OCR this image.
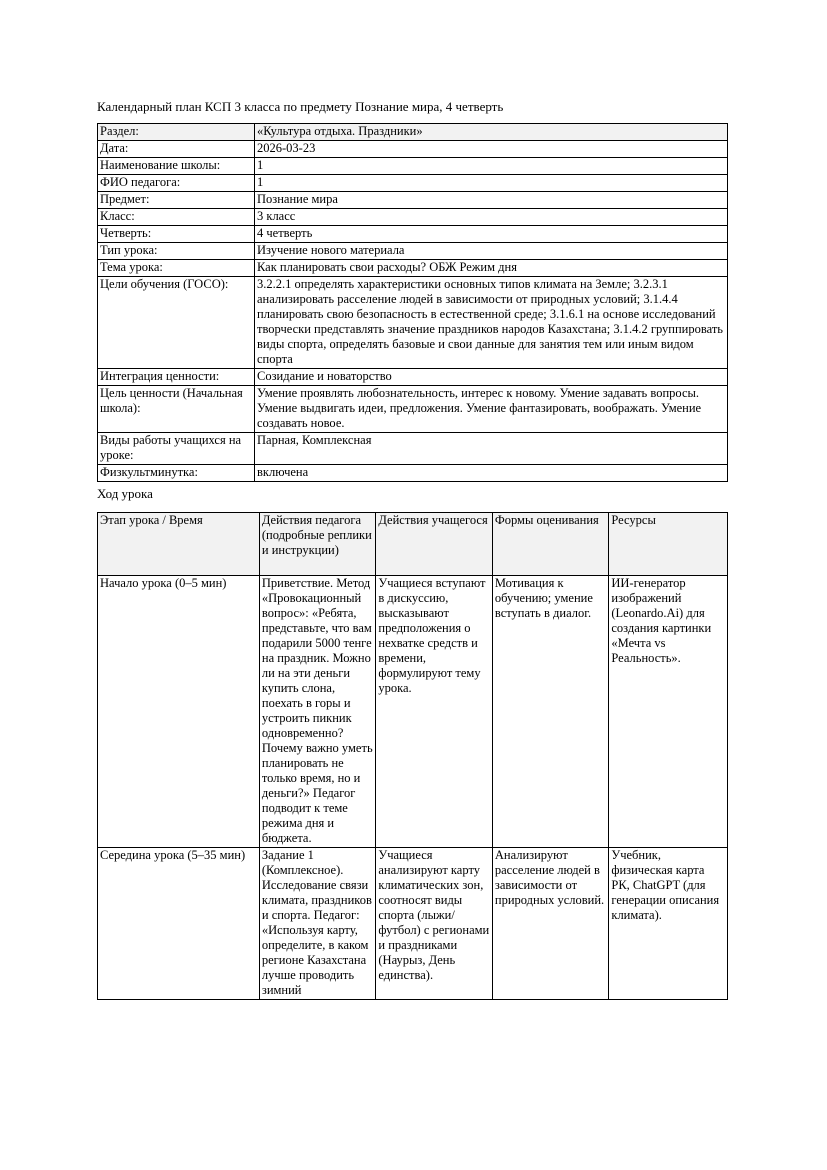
Календарный план КСП 3 класса по предмету Познание мира, 4 четверть

Раздел:	«Культура отдыха. Праздники»
Дата:	2026-03-23
Наименование школы:	1
ФИО педагога:	1
Предмет:	Познание мира
Класс:	3 класс
Четверть:	4 четверть
Тип урока:	Изучение нового материала
Тема урока:	Как планировать свои расходы? ОБЖ Режим дня
Цели обучения (ГОСО):	3.2.2.1 определять характеристики основных типов климата на Земле; 3.2.3.1 анализировать расселение людей в зависимости от природных условий; 3.1.4.4 планировать свою безопасность в естественной среде; 3.1.6.1 на основе исследований творчески представлять значение праздников народов Казахстана; 3.1.4.2 группировать виды спорта, определять базовые и свои данные для занятия тем или иным видом спорта
Интеграция ценности:	Созидание и новаторство
Цель ценности (Начальная школа):	Умение проявлять любознательность, интерес к новому. Умение задавать вопросы. Умение выдвигать идеи, предложения. Умение фантазировать, воображать. Умение создавать новое.
Виды работы учащихся на уроке:	Парная, Комплексная
Физкультминутка:	включена

Ход урока

Этап урока / Время	Действия педагога (подробные реплики и инструкции)	Действия учащегося	Формы оценивания	Ресурсы
Начало урока (0–5 мин)	Приветствие. Метод «Провокационный вопрос»: «Ребята, представьте, что вам подарили 5000 тенге на праздник. Можно ли на эти деньги купить слона, поехать в горы и устроить пикник одновременно? Почему важно уметь планировать не только время, но и деньги?» Педагог подводит к теме режима дня и бюджета.	Учащиеся вступают в дискуссию, высказывают предположения о нехватке средств и времени, формулируют тему урока.	Мотивация к обучению; умение вступать в диалог.	ИИ-генератор изображений (Leonardo.Ai) для создания картинки «Мечта vs Реальность».
Середина урока (5–35 мин)	Задание 1 (Комплексное). Исследование связи климата, праздников и спорта. Педагог: «Используя карту, определите, в каком регионе Казахстана лучше проводить зимний	Учащиеся анализируют карту климатических зон, соотносят виды спорта (лыжи/футбол) с регионами и праздниками (Наурыз, День единства).	Анализируют расселение людей в зависимости от природных условий.	Учебник, физическая карта РК, ChatGPT (для генерации описания климата).
